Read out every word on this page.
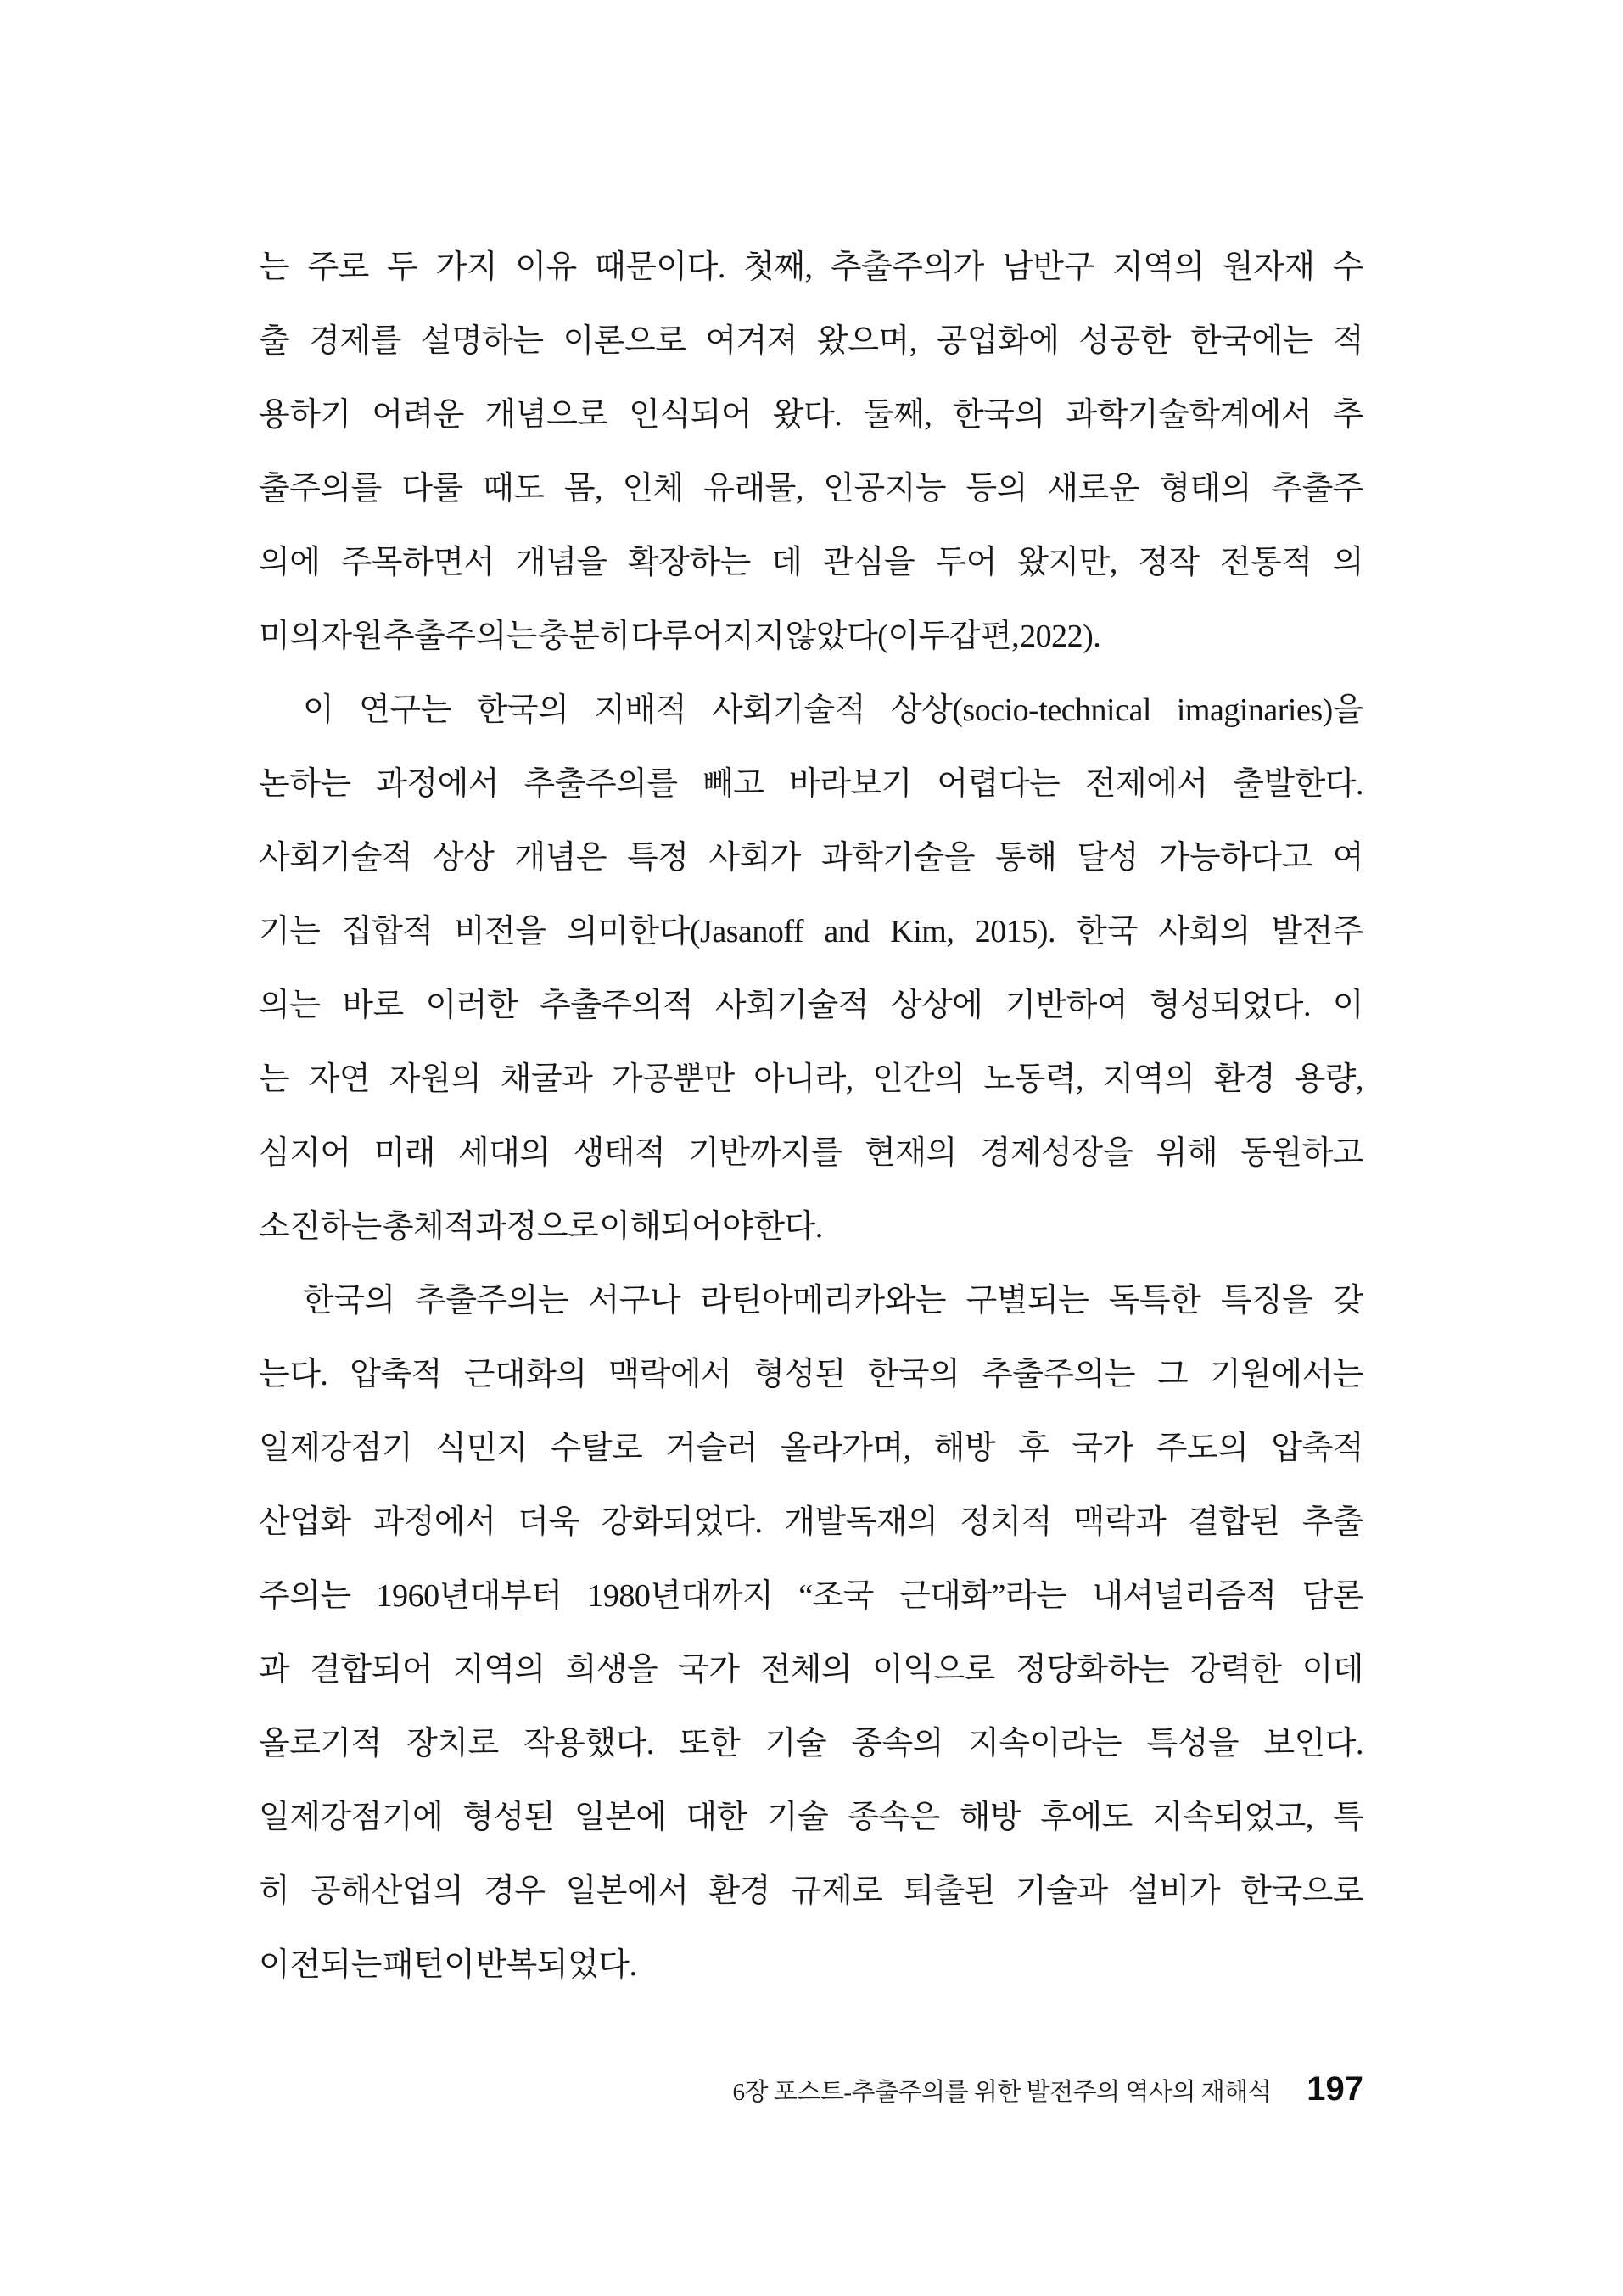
는 주로 두 가지 이유 때문이다. 첫째, 추출주의가 남반구 지역의 원자재 수
출 경제를 설명하는 이론으로 여겨져 왔으며, 공업화에 성공한 한국에는 적
용하기 어려운 개념으로 인식되어 왔다. 둘째, 한국의 과학기술학계에서 추
출주의를 다룰 때도 몸, 인체 유래물, 인공지능 등의 새로운 형태의 추출주
의에 주목하면서 개념을 확장하는 데 관심을 두어 왔지만, 정작 전통적 의
미의 자원 추출주의는 충분히 다루어지지 않았다(이두갑 편, 2022).
이 연구는 한국의 지배적 사회기술적 상상(socio-technical imaginaries)을
논하는 과정에서 추출주의를 빼고 바라보기 어렵다는 전제에서 출발한다.
사회기술적 상상 개념은 특정 사회가 과학기술을 통해 달성 가능하다고 여
기는 집합적 비전을 의미한다(Jasanoff and Kim, 2015). 한국 사회의 발전주
의는 바로 이러한 추출주의적 사회기술적 상상에 기반하여 형성되었다. 이
는 자연 자원의 채굴과 가공뿐만 아니라, 인간의 노동력, 지역의 환경 용량,
심지어 미래 세대의 생태적 기반까지를 현재의 경제성장을 위해 동원하고
소진하는 총체적 과정으로 이해되어야 한다.
한국의 추출주의는 서구나 라틴아메리카와는 구별되는 독특한 특징을 갖
는다. 압축적 근대화의 맥락에서 형성된 한국의 추출주의는 그 기원에서는
일제강점기 식민지 수탈로 거슬러 올라가며, 해방 후 국가 주도의 압축적
산업화 과정에서 더욱 강화되었다. 개발독재의 정치적 맥락과 결합된 추출
주의는 1960년대부터 1980년대까지 “조국 근대화”라는 내셔널리즘적 담론
과 결합되어 지역의 희생을 국가 전체의 이익으로 정당화하는 강력한 이데
올로기적 장치로 작용했다. 또한 기술 종속의 지속이라는 특성을 보인다.
일제강점기에 형성된 일본에 대한 기술 종속은 해방 후에도 지속되었고, 특
히 공해산업의 경우 일본에서 환경 규제로 퇴출된 기술과 설비가 한국으로
이전되는 패턴이 반복되었다.
6장 포스트-추출주의를 위한 발전주의 역사의 재해석 197
